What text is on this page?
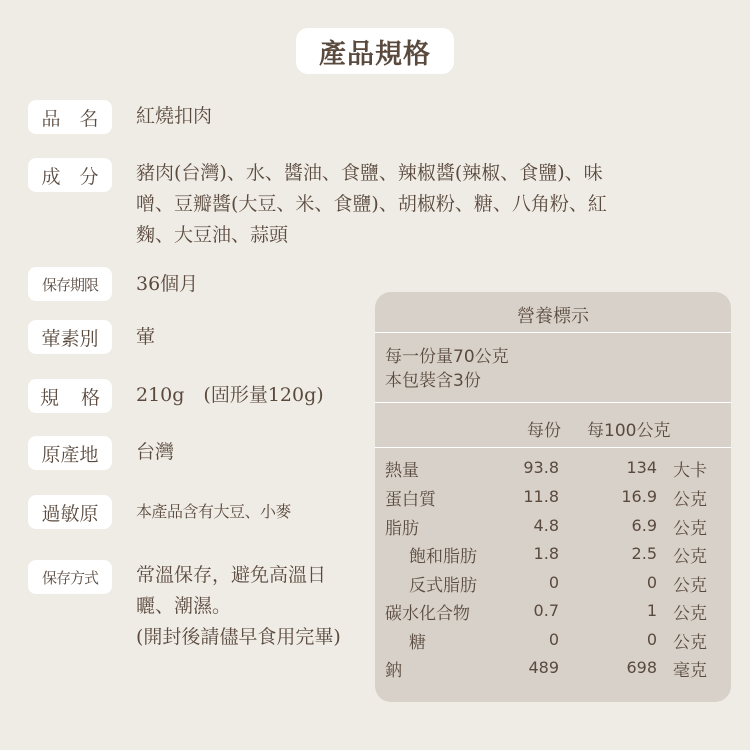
產品規格
品　名	紅燒扣肉
成　分	豬肉(台灣)、水、醬油、食鹽、辣椒醬(辣椒、食鹽)、味
噌、豆瓣醬(大豆、米、食鹽)、胡椒粉、糖、八角粉、紅
麴、大豆油、蒜頭
保存期限	36個月
葷素別	葷
規格 210g　(固形量120g)
原產地	台灣
過敏原	本產品含有大豆、小麥
保存方式	常溫保存，避免高溫日
曬、潮濕。
(開封後請儘早食用完畢)
營養標示
每一份量70公克
本包裝含3份
每份 每100公克
熱量	93.8	134 大卡
蛋白質	11.8	16.9 公克
脂肪	4.8	6.9 公克
飽和脂肪	1.8	2.5 公克
反式脂肪	0	0 公克
碳水化合物	0.7	1 公克
糖	0	0 公克
鈉	489	698 毫克
